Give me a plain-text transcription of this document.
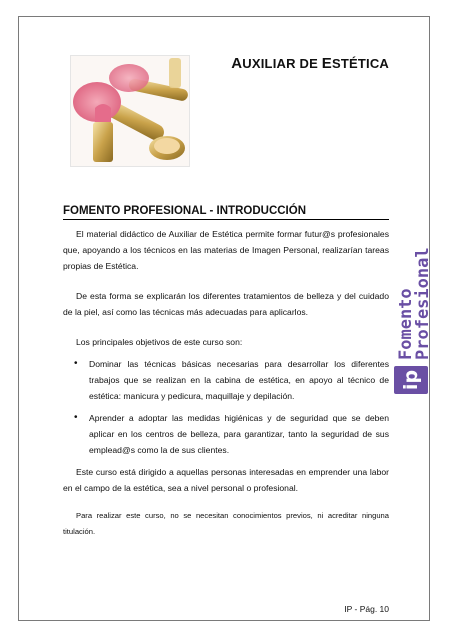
AUXILIAR DE ESTÉTICA
FOMENTO PROFESIONAL - INTRODUCCIÓN

El material didáctico de Auxiliar de Estética permite formar futur@s profesionales que, apoyando a los técnicos en las materias de Imagen Personal, realizarían tareas propias de Estética.

De esta forma se explicarán los diferentes tratamientos de belleza y del cuidado de la piel, así como las técnicas más adecuadas para aplicarlos.

Los principales objetivos de este curso son:

• Dominar las técnicas básicas necesarias para desarrollar los diferentes trabajos que se realizan en la cabina de estética, en apoyo al técnico de estética: manicura y pedicura, maquillaje y depilación.
• Aprender a adoptar las medidas higiénicas y de seguridad que se deben aplicar en los centros de belleza, para garantizar, tanto la seguridad de sus emplead@s como la de sus clientes.

Este curso está dirigido a aquellas personas interesadas en emprender una labor en el campo de la estética, sea a nivel personal o profesional.

Para realizar este curso, no se necesitan conocimientos previos, ni acreditar ninguna titulación.

Fomento
Profesional
ip
IP - Pág. 10
